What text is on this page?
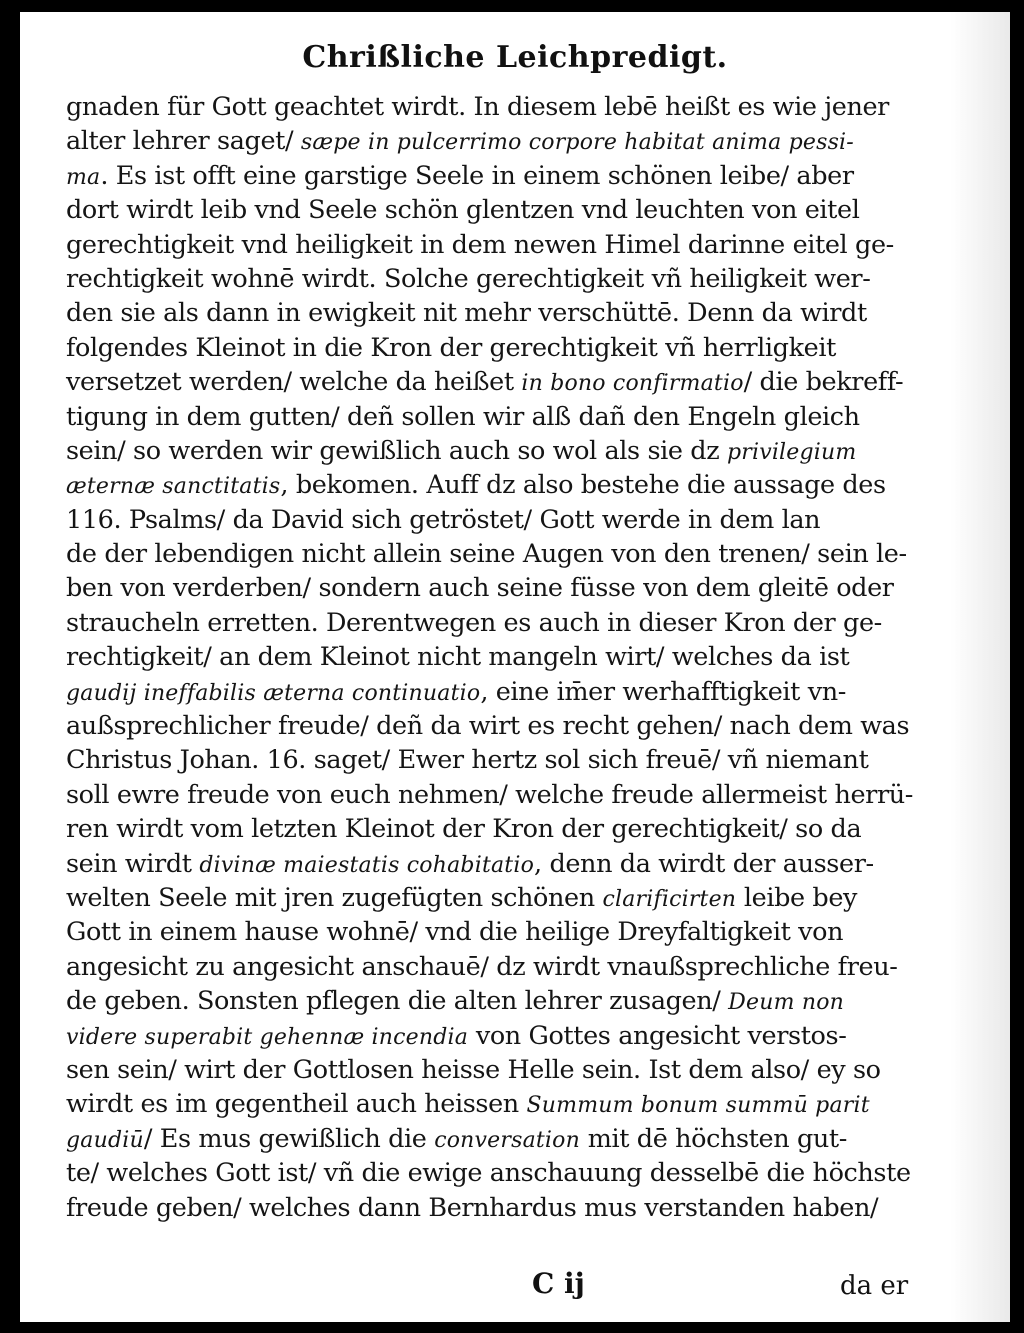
Chrißliche Leichpredigt.
gnaden für Gott geachtet wirdt. In diesem lebē heißt es wie jener
alter lehrer saget/ sæpe in pulcerrimo corpore habitat anima pessi-
ma. Es ist offt eine garstige Seele in einem schönen leibe/ aber
dort wirdt leib vnd Seele schön glentzen vnd leuchten von eitel
gerechtigkeit vnd heiligkeit in dem newen Himel darinne eitel ge-
rechtigkeit wohnē wirdt. Solche gerechtigkeit vñ heiligkeit wer-
den sie als dann in ewigkeit nit mehr verschüttē. Denn da wirdt
folgendes Kleinot in die Kron der gerechtigkeit vñ herrligkeit
versetzet werden/ welche da heißet in bono confirmatio/ die bekreff-
tigung in dem gutten/ deñ sollen wir alß dañ den Engeln gleich
sein/ so werden wir gewißlich auch so wol als sie dz privilegium
æternæ sanctitatis, bekomen. Auff dz also bestehe die aussage des
116. Psalms/ da David sich getröstet/ Gott werde in dem lan
de der lebendigen nicht allein seine Augen von den trenen/ sein le-
ben von verderben/ sondern auch seine füsse von dem gleitē oder
straucheln erretten. Derentwegen es auch in dieser Kron der ge-
rechtigkeit/ an dem Kleinot nicht mangeln wirt/ welches da ist
gaudij ineffabilis æterna continuatio, eine im̄er werhafftigkeit vn-
außsprechlicher freude/ deñ da wirt es recht gehen/ nach dem was
Christus Johan. 16. saget/ Ewer hertz sol sich freuē/ vñ niemant
soll ewre freude von euch nehmen/ welche freude allermeist herrü-
ren wirdt vom letzten Kleinot der Kron der gerechtigkeit/ so da
sein wirdt divinæ maiestatis cohabitatio, denn da wirdt der ausser-
welten Seele mit jren zugefügten schönen clarificirten leibe bey
Gott in einem hause wohnē/ vnd die heilige Dreyfaltigkeit von
angesicht zu angesicht anschauē/ dz wirdt vnaußsprechliche freu-
de geben. Sonsten pflegen die alten lehrer zusagen/ Deum non
videre superabit gehennæ incendia von Gottes angesicht verstos-
sen sein/ wirt der Gottlosen heisse Helle sein. Ist dem also/ ey so
wirdt es im gegentheil auch heissen Summum bonum summū parit
gaudiū/ Es mus gewißlich die conversation mit dē höchsten gut-
te/ welches Gott ist/ vñ die ewige anschauung desselbē die höchste
freude geben/ welches dann Bernhardus mus verstanden haben/
C ij	da er
